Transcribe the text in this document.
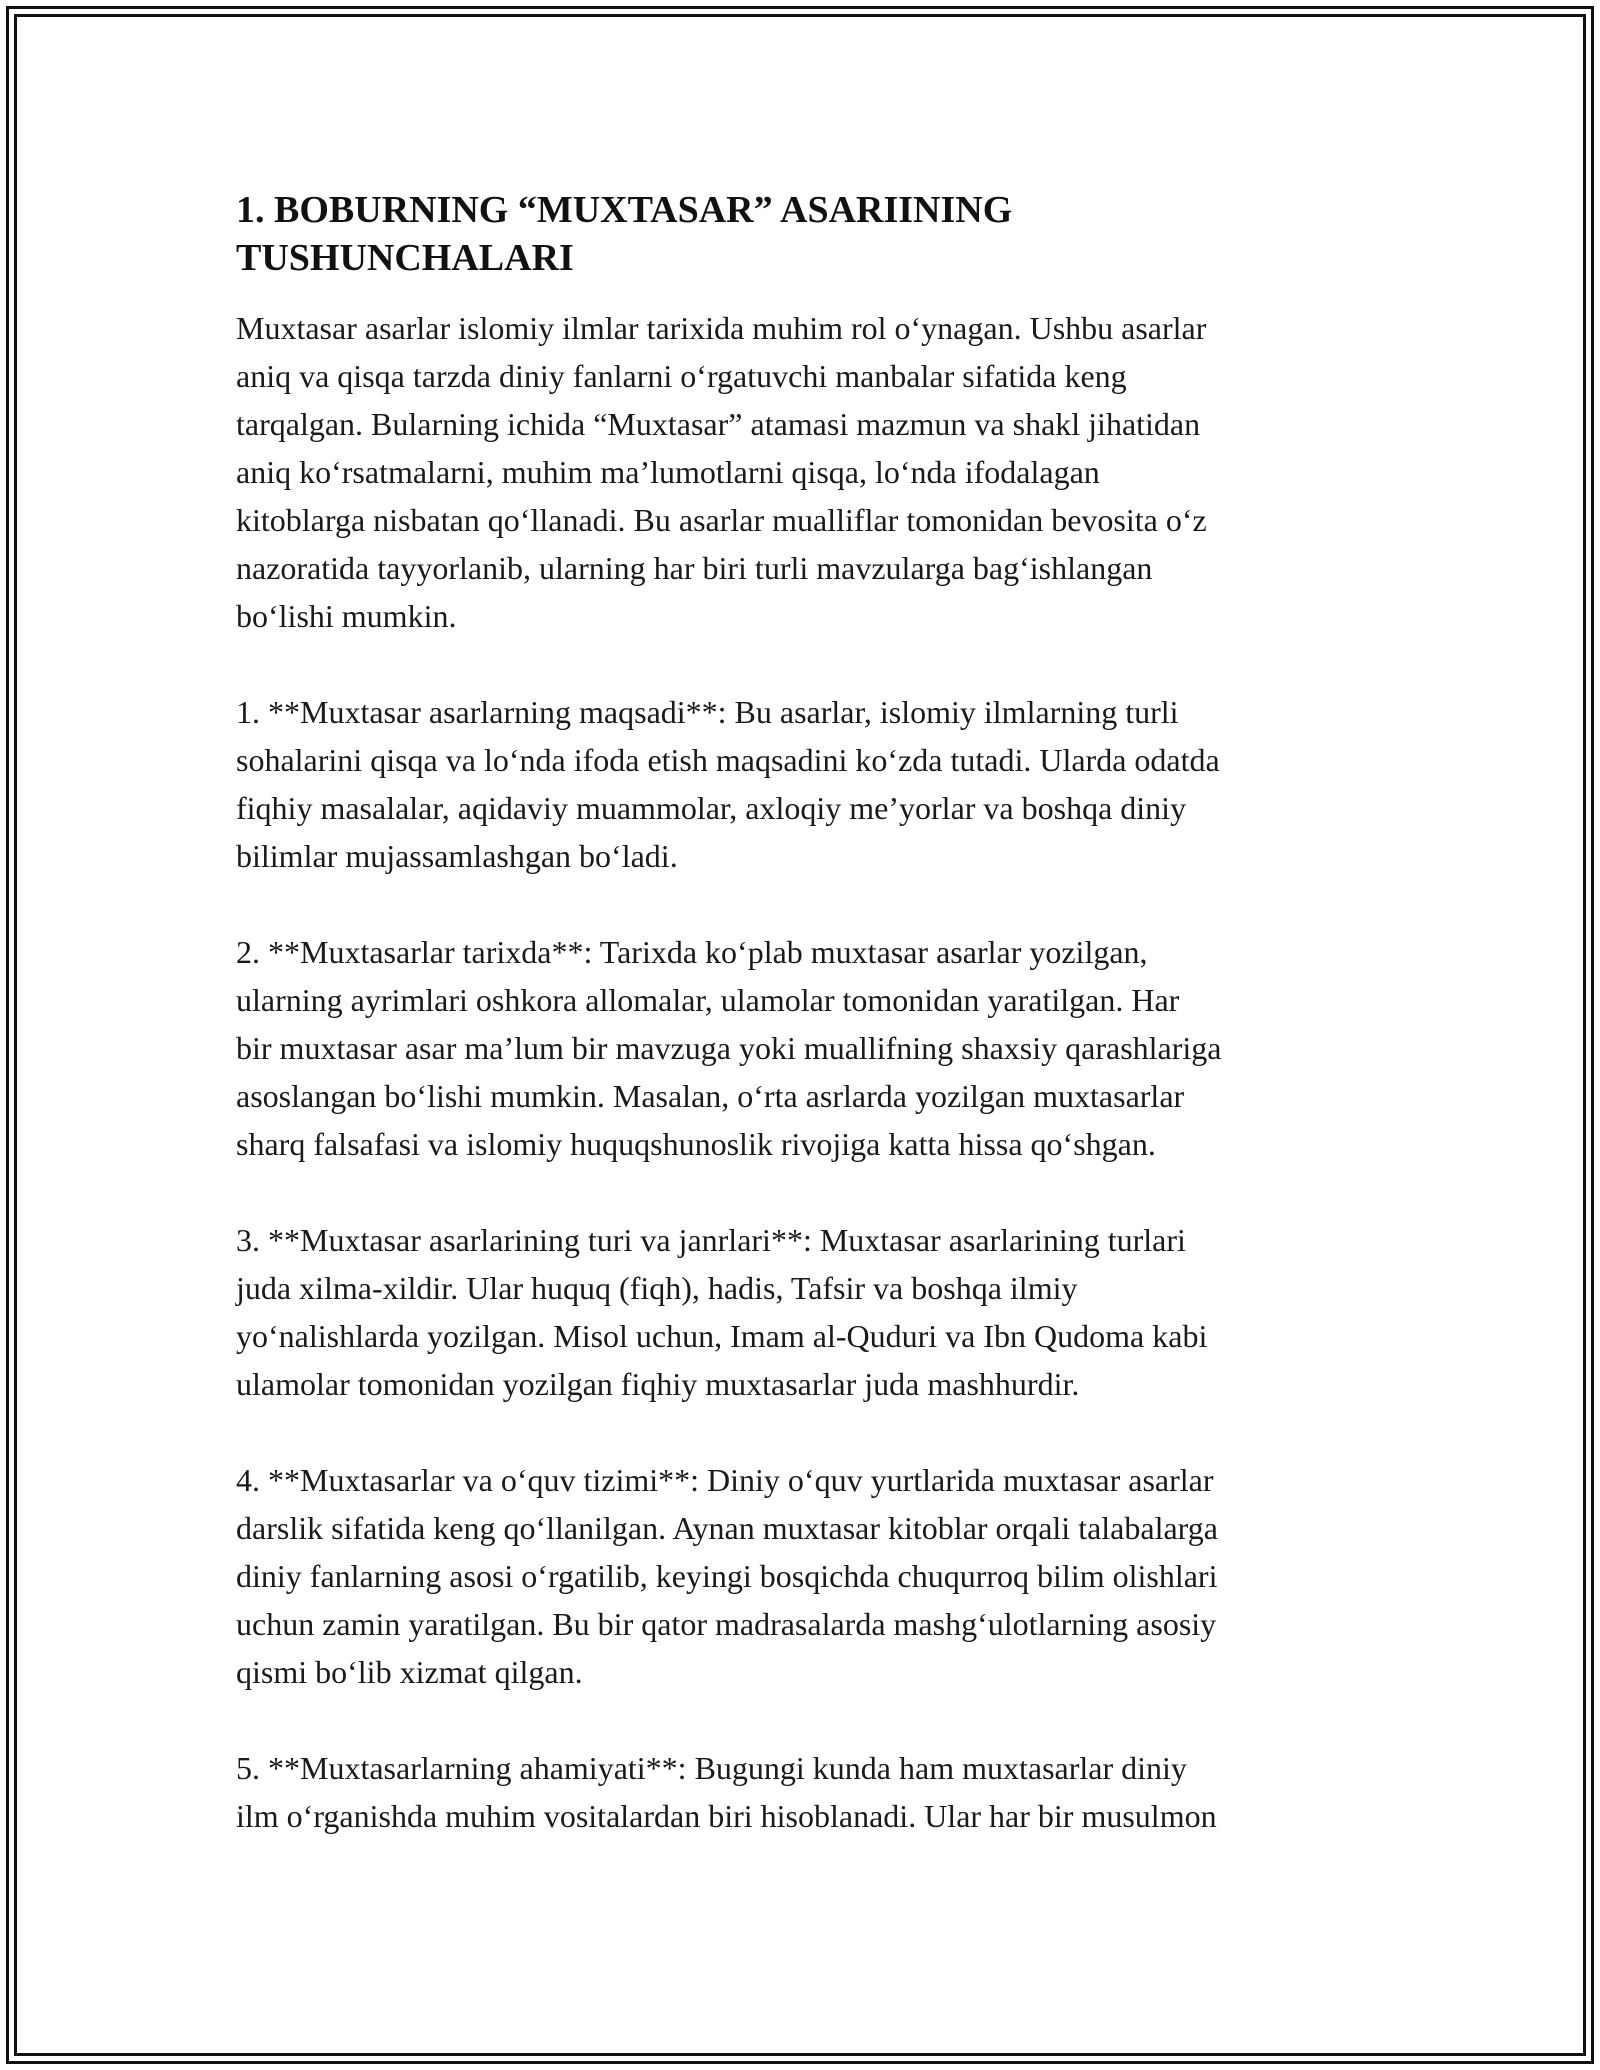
1. BOBURNING “MUXTASAR” ASARIINING
TUSHUNCHALARI

Muxtasar asarlar islomiy ilmlar tarixida muhim rol oʻynagan. Ushbu asarlar
aniq va qisqa tarzda diniy fanlarni oʻrgatuvchi manbalar sifatida keng
tarqalgan. Bularning ichida “Muxtasar” atamasi mazmun va shakl jihatidan
aniq koʻrsatmalarni, muhim maʼlumotlarni qisqa, loʻnda ifodalagan
kitoblarga nisbatan qoʻllanadi. Bu asarlar mualliflar tomonidan bevosita oʻz
nazoratida tayyorlanib, ularning har biri turli mavzularga bagʻishlangan
boʻlishi mumkin.

1. **Muxtasar asarlarning maqsadi**: Bu asarlar, islomiy ilmlarning turli
sohalarini qisqa va loʻnda ifoda etish maqsadini koʻzda tutadi. Ularda odatda
fiqhiy masalalar, aqidaviy muammolar, axloqiy meʼyorlar va boshqa diniy
bilimlar mujassamlashgan boʻladi.

2. **Muxtasarlar tarixda**: Tarixda koʻplab muxtasar asarlar yozilgan,
ularning ayrimlari oshkora allomalar, ulamolar tomonidan yaratilgan. Har
bir muxtasar asar maʼlum bir mavzuga yoki muallifning shaxsiy qarashlariga
asoslangan boʻlishi mumkin. Masalan, oʻrta asrlarda yozilgan muxtasarlar
sharq falsafasi va islomiy huquqshunoslik rivojiga katta hissa qoʻshgan.

3. **Muxtasar asarlarining turi va janrlari**: Muxtasar asarlarining turlari
juda xilma-xildir. Ular huquq (fiqh), hadis, Tafsir va boshqa ilmiy
yoʻnalishlarda yozilgan. Misol uchun, Imam al-Quduri va Ibn Qudoma kabi
ulamolar tomonidan yozilgan fiqhiy muxtasarlar juda mashhurdir.

4. **Muxtasarlar va oʻquv tizimi**: Diniy oʻquv yurtlarida muxtasar asarlar
darslik sifatida keng qoʻllanilgan. Aynan muxtasar kitoblar orqali talabalarga
diniy fanlarning asosi oʻrgatilib, keyingi bosqichda chuqurroq bilim olishlari
uchun zamin yaratilgan. Bu bir qator madrasalarda mashgʻulotlarning asosiy
qismi boʻlib xizmat qilgan.

5. **Muxtasarlarning ahamiyati**: Bugungi kunda ham muxtasarlar diniy
ilm oʻrganishda muhim vositalardan biri hisoblanadi. Ular har bir musulmon
